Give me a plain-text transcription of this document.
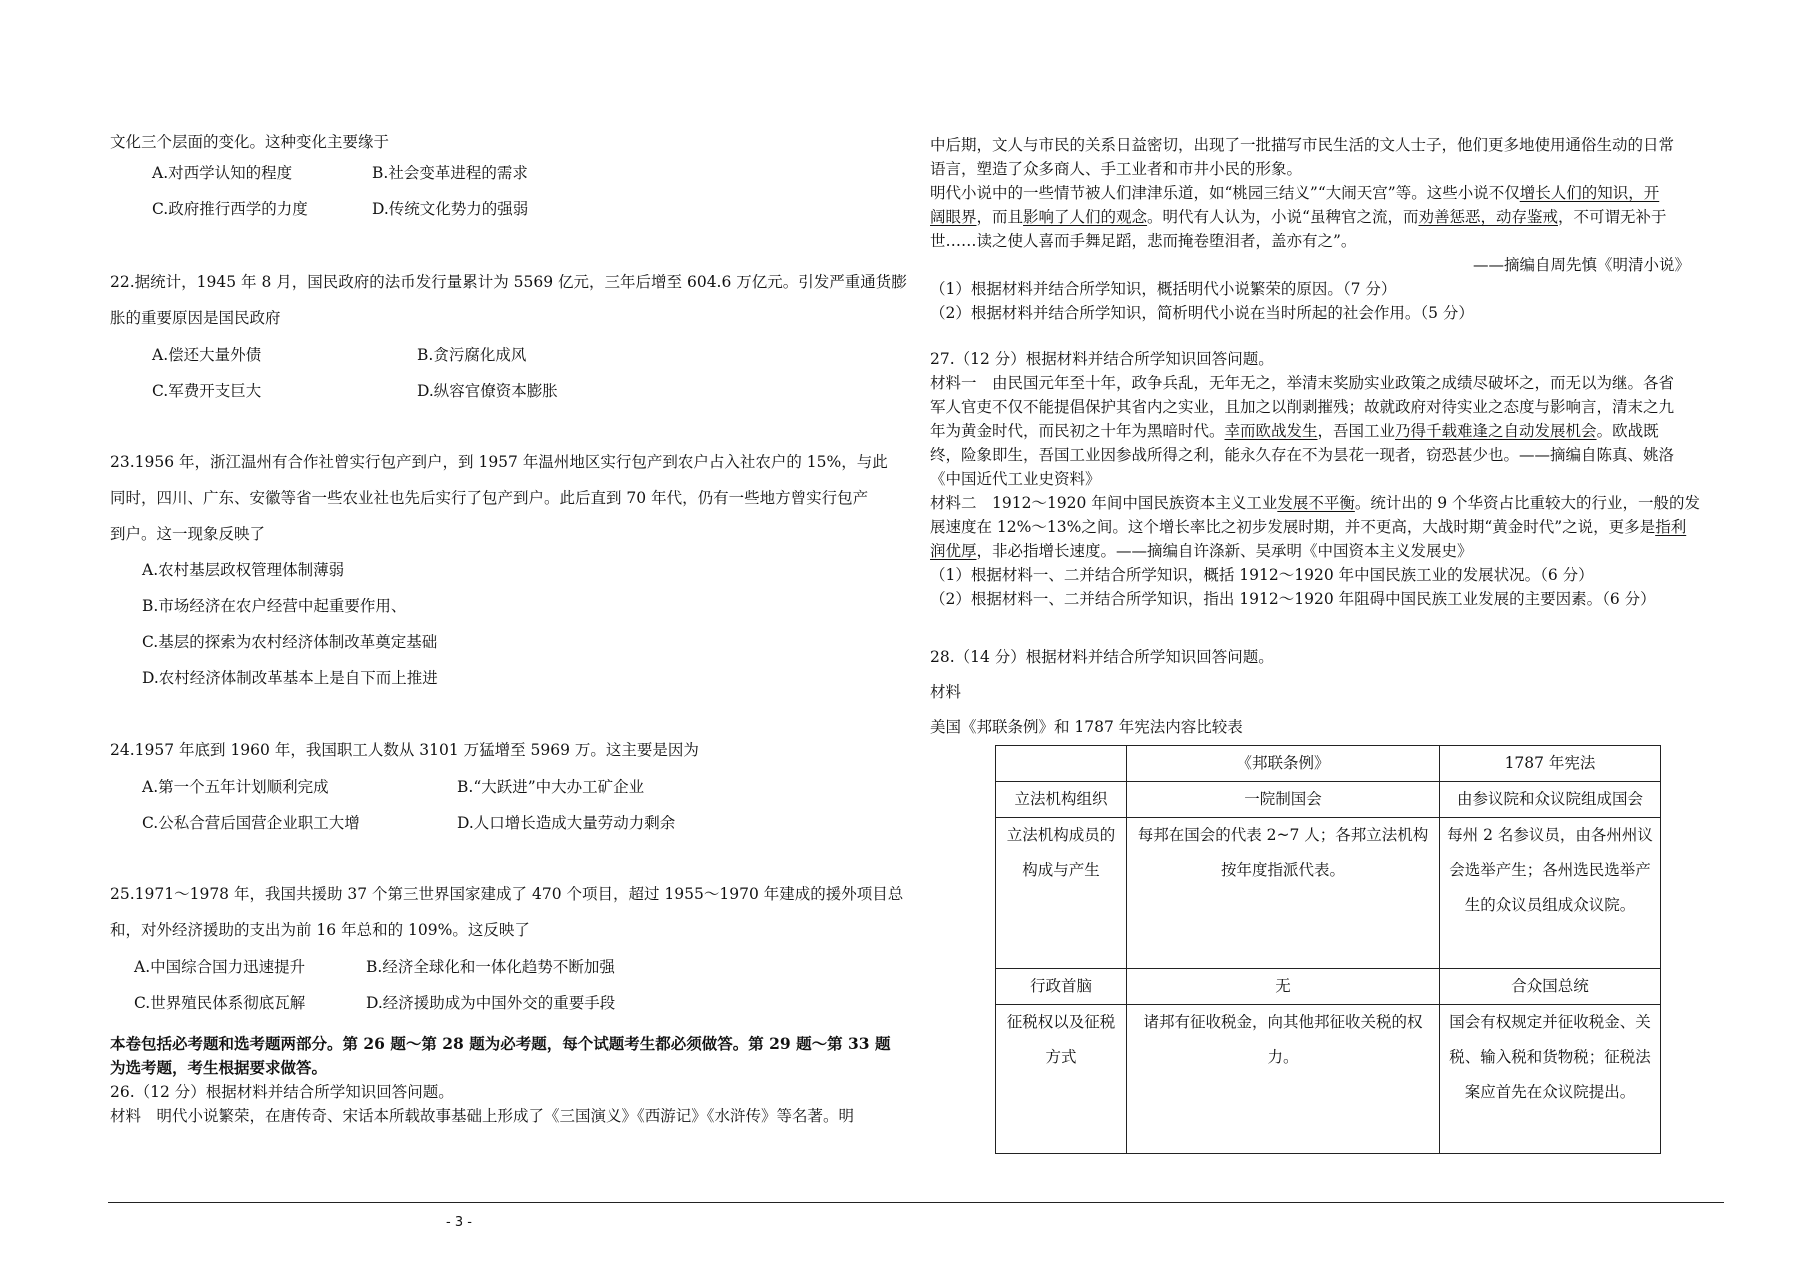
文化三个层面的变化。这种变化主要缘于
A.对西学认知的程度	B.社会变革进程的需求
C.政府推行西学的力度	D.传统文化势力的强弱
22.据统计，1945 年 8 月，国民政府的法币发行量累计为 5569 亿元，三年后增至 604.6 万亿元。引发严重通货膨
胀的重要原因是国民政府
A.偿还大量外债	B.贪污腐化成风
C.军费开支巨大	D.纵容官僚资本膨胀
23.1956 年，浙江温州有合作社曾实行包产到户，到 1957 年温州地区实行包产到农户占入社农户的 15%，与此
同时，四川、广东、安徽等省一些农业社也先后实行了包产到户。此后直到 70 年代，仍有一些地方曾实行包产
到户。这一现象反映了
A.农村基层政权管理体制薄弱
B.市场经济在农户经营中起重要作用、
C.基层的探索为农村经济体制改革奠定基础
D.农村经济体制改革基本上是自下而上推进
24.1957 年底到 1960 年，我国职工人数从 3101 万猛增至 5969 万。这主要是因为
A.第一个五年计划顺利完成	B.“大跃进”中大办工矿企业
C.公私合营后国营企业职工大增	D.人口增长造成大量劳动力剩余
25.1971～1978 年，我国共援助 37 个第三世界国家建成了 470 个项目，超过 1955～1970 年建成的援外项目总
和，对外经济援助的支出为前 16 年总和的 109%。这反映了
A.中国综合国力迅速提升	B.经济全球化和一体化趋势不断加强
C.世界殖民体系彻底瓦解	D.经济援助成为中国外交的重要手段
本卷包括必考题和选考题两部分。第 26 题～第 28 题为必考题，每个试题考生都必须做答。第 29 题～第 33 题
为选考题，考生根据要求做答。
26.（12 分）根据材料并结合所学知识回答问题。
材料　明代小说繁荣，在唐传奇、宋话本所载故事基础上形成了《三国演义》《西游记》《水浒传》等名著。明
中后期，文人与市民的关系日益密切，出现了一批描写市民生活的文人士子，他们更多地使用通俗生动的日常
语言，塑造了众多商人、手工业者和市井小民的形象。
明代小说中的一些情节被人们津津乐道，如“桃园三结义”“大闹天宫”等。这些小说不仅增长人们的知识，开
阔眼界，而且影响了人们的观念。明代有人认为，小说“虽稗官之流，而劝善惩恶，动存鉴戒，不可谓无补于
世……读之使人喜而手舞足蹈，悲而掩卷堕泪者，盖亦有之”。
——摘编自周先慎《明清小说》
（1）根据材料并结合所学知识，概括明代小说繁荣的原因。（7 分）
（2）根据材料并结合所学知识，简析明代小说在当时所起的社会作用。（5 分）
27.（12 分）根据材料并结合所学知识回答问题。
材料一　由民国元年至十年，政争兵乱，无年无之，举清末奖励实业政策之成绩尽破坏之，而无以为继。各省
军人官吏不仅不能提倡保护其省内之实业，且加之以削剥摧残；故就政府对待实业之态度与影响言，清末之九
年为黄金时代，而民初之十年为黑暗时代。幸而欧战发生，吾国工业乃得千载难逢之自动发展机会。欧战既
终，险象即生，吾国工业因参战所得之利，能永久存在不为昙花一现者，窃恐甚少也。——摘编自陈真、姚洛
《中国近代工业史资料》
材料二　1912～1920 年间中国民族资本主义工业发展不平衡。统计出的 9 个华资占比重较大的行业，一般的发
展速度在 12%～13%之间。这个增长率比之初步发展时期，并不更高，大战时期“黄金时代”之说，更多是指利
润优厚，非必指增长速度。——摘编自许涤新、吴承明《中国资本主义发展史》
（1）根据材料一、二并结合所学知识，概括 1912～1920 年中国民族工业的发展状况。（6 分）
（2）根据材料一、二并结合所学知识，指出 1912～1920 年阻碍中国民族工业发展的主要因素。（6 分）
28.（14 分）根据材料并结合所学知识回答问题。
材料
美国《邦联条例》和 1787 年宪法内容比较表
	《邦联条例》	1787 年宪法
立法机构组织	一院制国会	由参议院和众议院组成国会
立法机构成员的构成与产生	每邦在国会的代表 2~7 人；各邦立法机构按年度指派代表。	每州 2 名参议员，由各州州议会选举产生；各州选民选举产生的众议员组成众议院。
行政首脑	无	合众国总统
征税权以及征税方式	诸邦有征收税金，向其他邦征收关税的权力。	国会有权规定并征收税金、关税、输入税和货物税；征税法案应首先在众议院提出。
- 3 -
